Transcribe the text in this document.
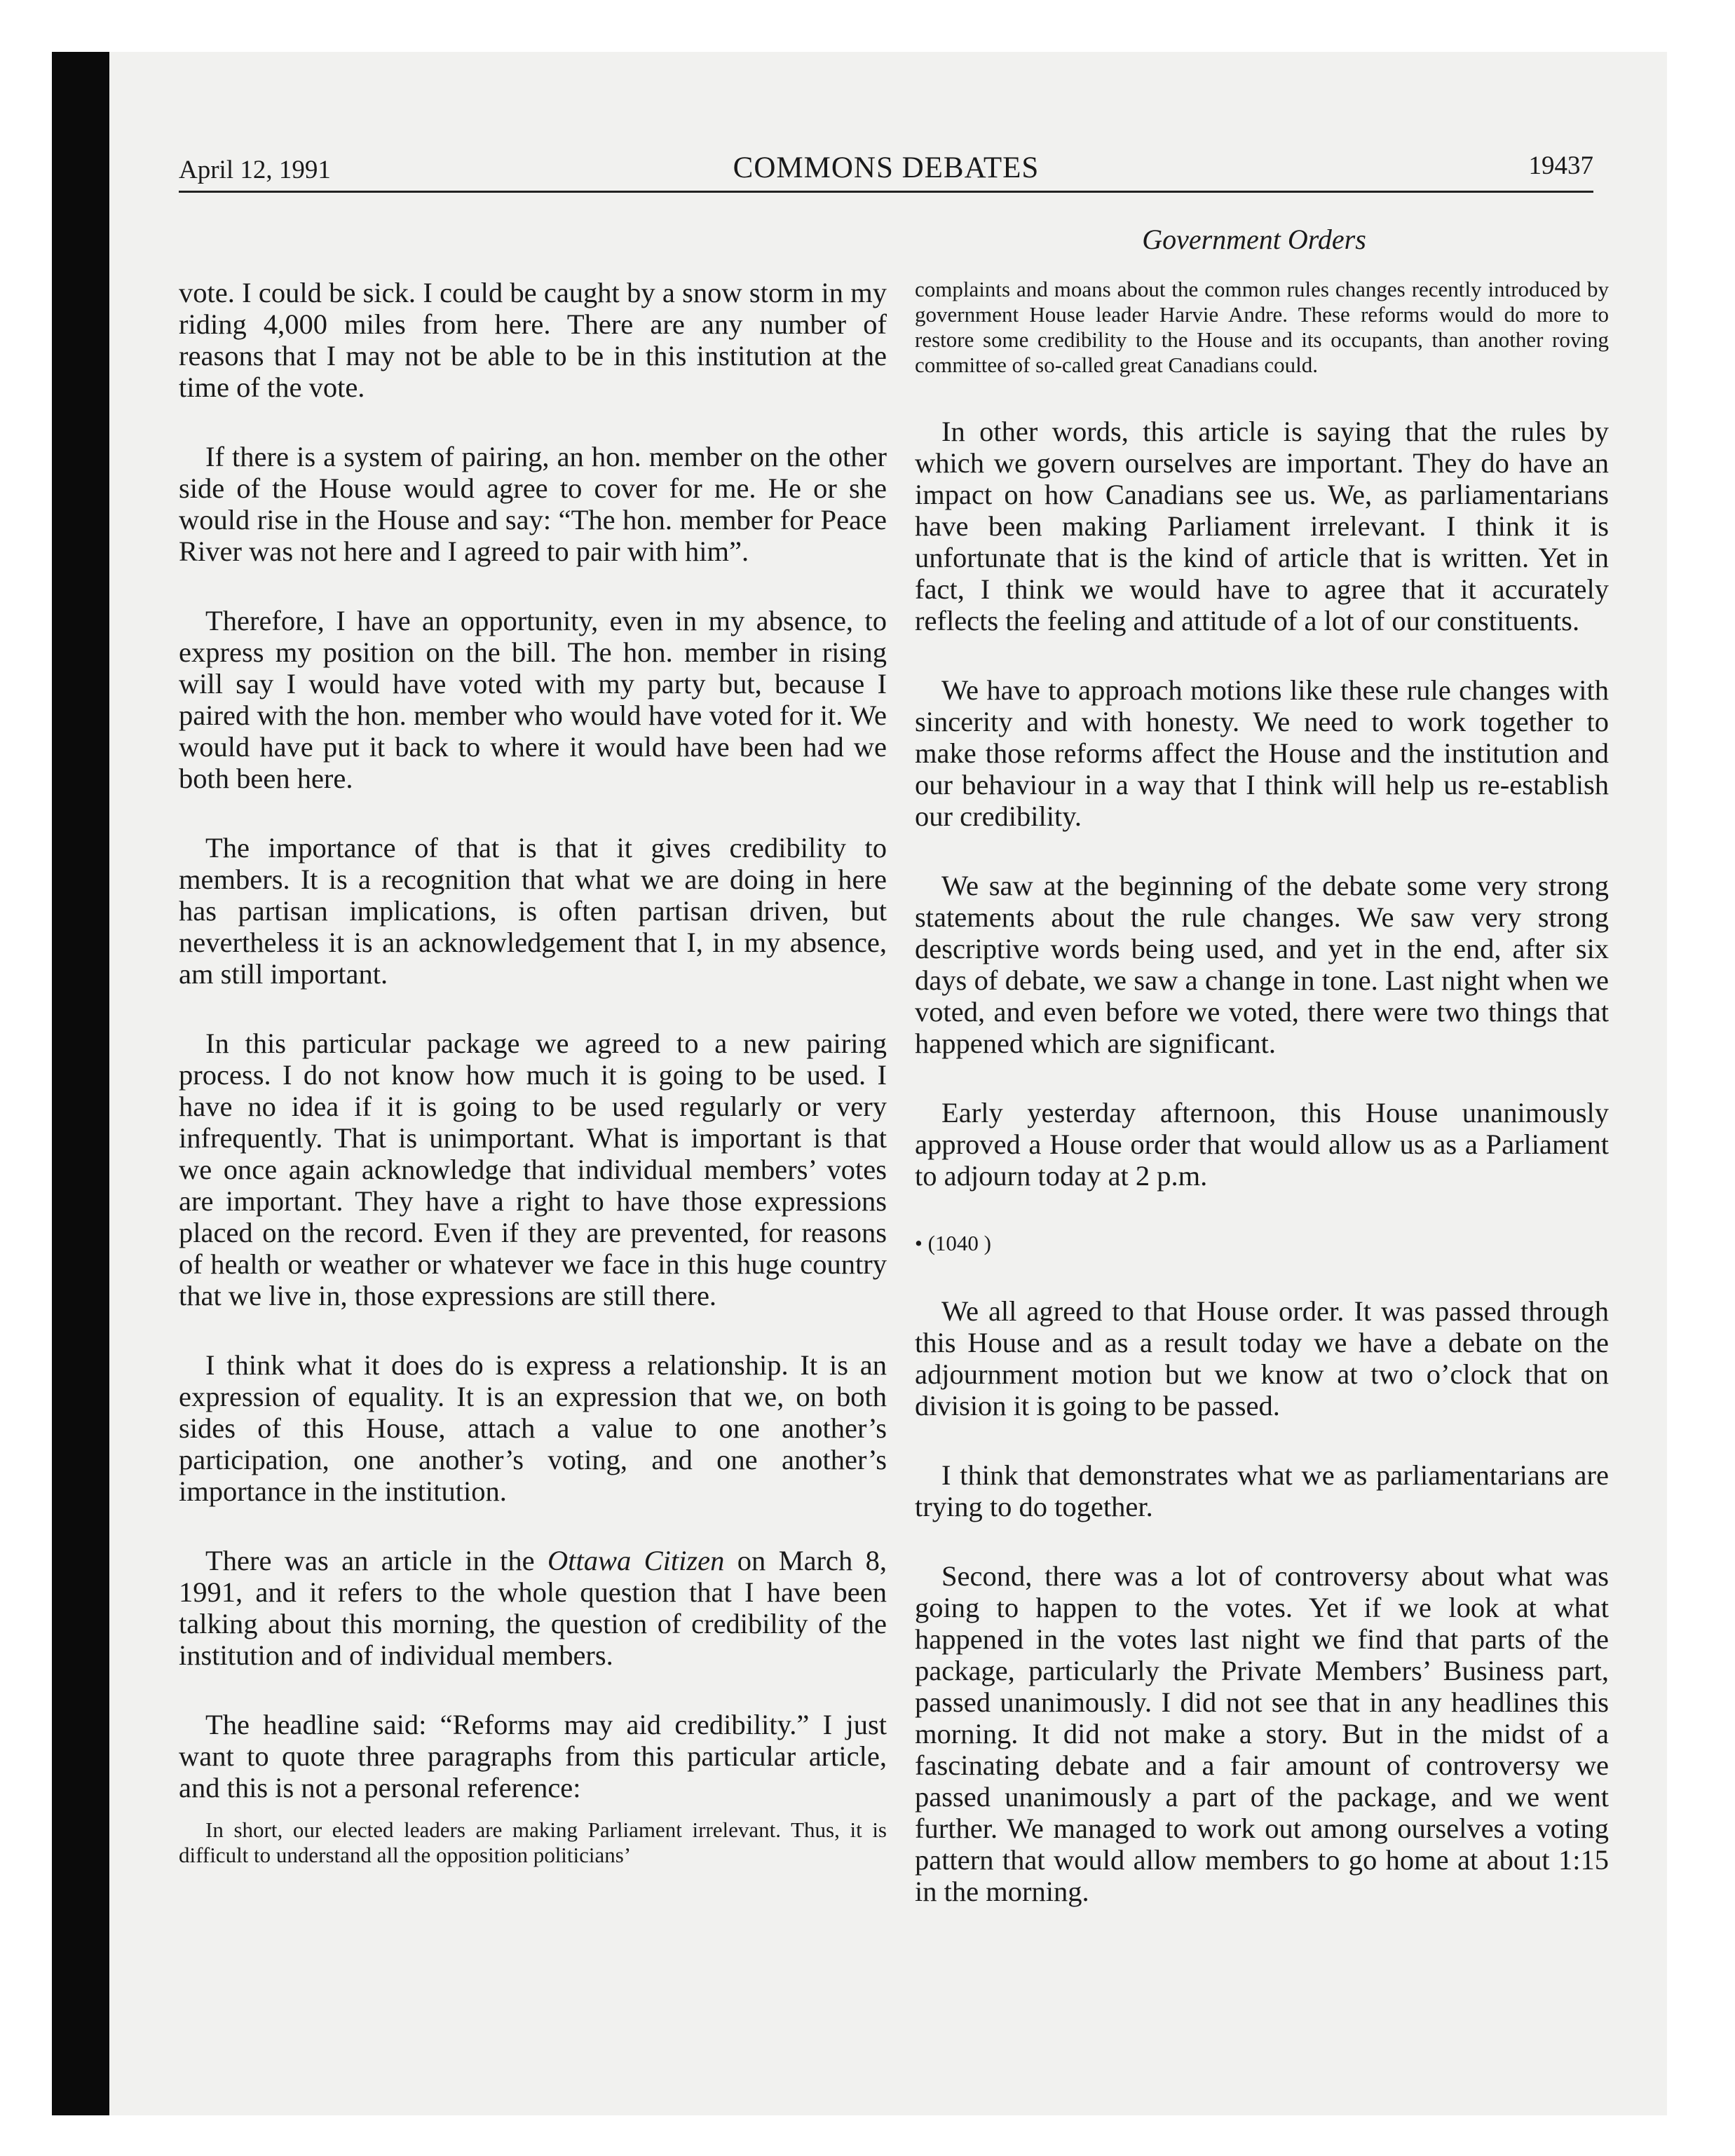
April 12, 1991	COMMONS DEBATES	19437
Government Orders

vote. I could be sick. I could be caught by a snow storm in my riding 4,000 miles from here. There are any number of reasons that I may not be able to be in this institution at the time of the vote.

If there is a system of pairing, an hon. member on the other side of the House would agree to cover for me. He or she would rise in the House and say: “The hon. member for Peace River was not here and I agreed to pair with him”.

Therefore, I have an opportunity, even in my absence, to express my position on the bill. The hon. member in rising will say I would have voted with my party but, because I paired with the hon. member who would have voted for it. We would have put it back to where it would have been had we both been here.

The importance of that is that it gives credibility to members. It is a recognition that what we are doing in here has partisan implications, is often partisan driven, but nevertheless it is an acknowledgement that I, in my absence, am still important.

In this particular package we agreed to a new pairing process. I do not know how much it is going to be used. I have no idea if it is going to be used regularly or very infrequently. That is unimportant. What is important is that we once again acknowledge that individual members’ votes are important. They have a right to have those expressions placed on the record. Even if they are prevented, for reasons of health or weather or whatever we face in this huge country that we live in, those expressions are still there.

I think what it does do is express a relationship. It is an expression of equality. It is an expression that we, on both sides of this House, attach a value to one another’s participation, one another’s voting, and one another’s importance in the institution.

There was an article in the Ottawa Citizen on March 8, 1991, and it refers to the whole question that I have been talking about this morning, the question of credibility of the institution and of individual members.

The headline said: “Reforms may aid credibility.” I just want to quote three paragraphs from this particular article, and this is not a personal reference:

In short, our elected leaders are making Parliament irrelevant. Thus, it is difficult to understand all the opposition politicians’
complaints and moans about the common rules changes recently introduced by government House leader Harvie Andre. These reforms would do more to restore some credibility to the House and its occupants, than another roving committee of so-called great Canadians could.

In other words, this article is saying that the rules by which we govern ourselves are important. They do have an impact on how Canadians see us. We, as parliamentarians have been making Parliament irrelevant. I think it is unfortunate that is the kind of article that is written. Yet in fact, I think we would have to agree that it accurately reflects the feeling and attitude of a lot of our constituents.

We have to approach motions like these rule changes with sincerity and with honesty. We need to work together to make those reforms affect the House and the institution and our behaviour in a way that I think will help us re-establish our credibility.

We saw at the beginning of the debate some very strong statements about the rule changes. We saw very strong descriptive words being used, and yet in the end, after six days of debate, we saw a change in tone. Last night when we voted, and even before we voted, there were two things that happened which are significant.

Early yesterday afternoon, this House unanimously approved a House order that would allow us as a Parliament to adjourn today at 2 p.m.

• (1040 )

We all agreed to that House order. It was passed through this House and as a result today we have a debate on the adjournment motion but we know at two o’clock that on division it is going to be passed.

I think that demonstrates what we as parliamentarians are trying to do together.

Second, there was a lot of controversy about what was going to happen to the votes. Yet if we look at what happened in the votes last night we find that parts of the package, particularly the Private Members’ Business part, passed unanimously. I did not see that in any headlines this morning. It did not make a story. But in the midst of a fascinating debate and a fair amount of controversy we passed unanimously a part of the package, and we went further. We managed to work out among ourselves a voting pattern that would allow members to go home at about 1:15 in the morning.
